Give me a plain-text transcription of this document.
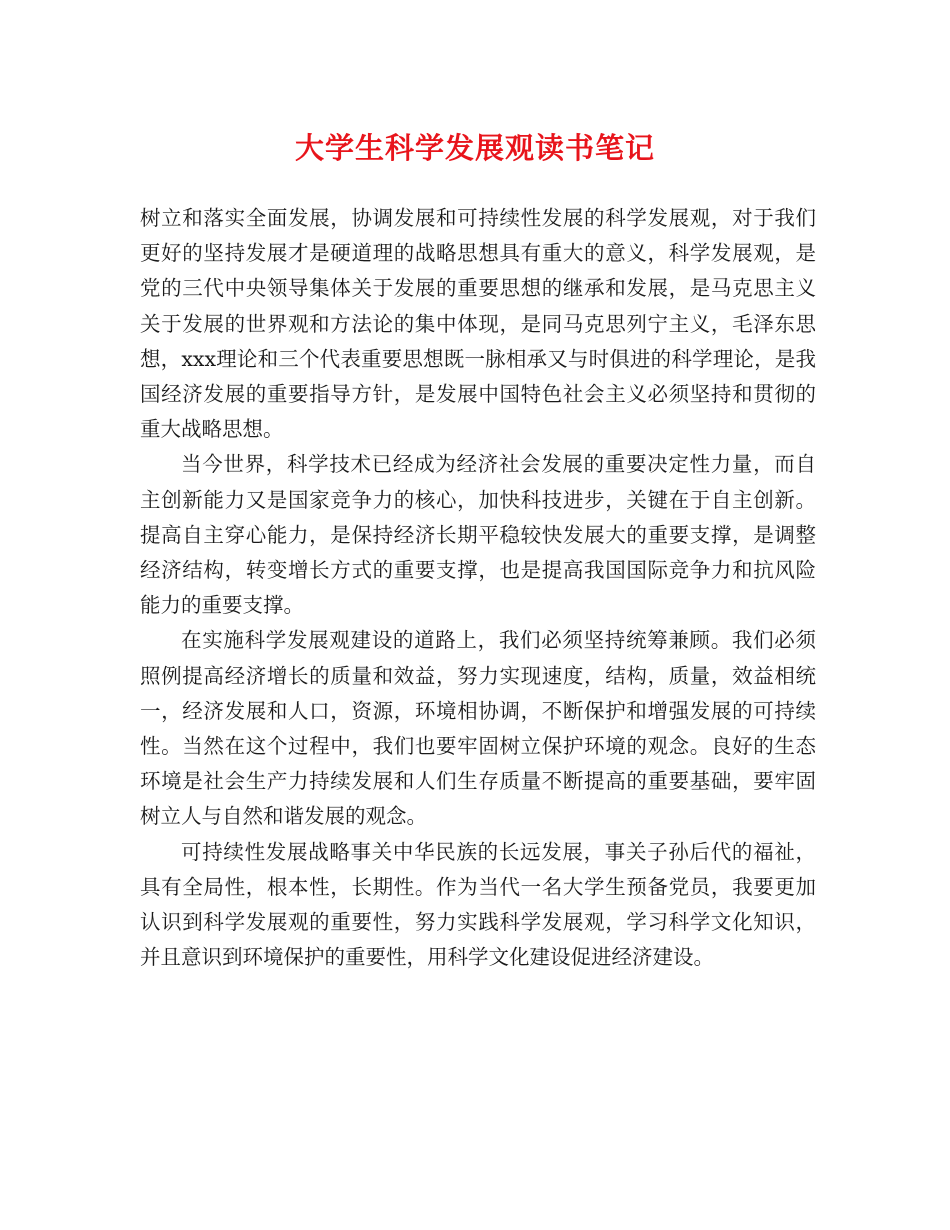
大学生科学发展观读书笔记

树立和落实全面发展，协调发展和可持续性发展的科学发展观，对于我们更好的坚持发展才是硬道理的战略思想具有重大的意义，科学发展观，是党的三代中央领导集体关于发展的重要思想的继承和发展，是马克思主义关于发展的世界观和方法论的集中体现，是同马克思列宁主义，毛泽东思想，xxx理论和三个代表重要思想既一脉相承又与时俱进的科学理论，是我国经济发展的重要指导方针，是发展中国特色社会主义必须坚持和贯彻的重大战略思想。

当今世界，科学技术已经成为经济社会发展的重要决定性力量，而自主创新能力又是国家竞争力的核心，加快科技进步，关键在于自主创新。提高自主穿心能力，是保持经济长期平稳较快发展大的重要支撑，是调整经济结构，转变增长方式的重要支撑，也是提高我国国际竞争力和抗风险能力的重要支撑。

在实施科学发展观建设的道路上，我们必须坚持统筹兼顾。我们必须照例提高经济增长的质量和效益，努力实现速度，结构，质量，效益相统一，经济发展和人口，资源，环境相协调，不断保护和增强发展的可持续性。当然在这个过程中，我们也要牢固树立保护环境的观念。良好的生态环境是社会生产力持续发展和人们生存质量不断提高的重要基础，要牢固树立人与自然和谐发展的观念。

可持续性发展战略事关中华民族的长远发展，事关子孙后代的福祉，具有全局性，根本性，长期性。作为当代一名大学生预备党员，我要更加认识到科学发展观的重要性，努力实践科学发展观，学习科学文化知识，并且意识到环境保护的重要性，用科学文化建设促进经济建设。
